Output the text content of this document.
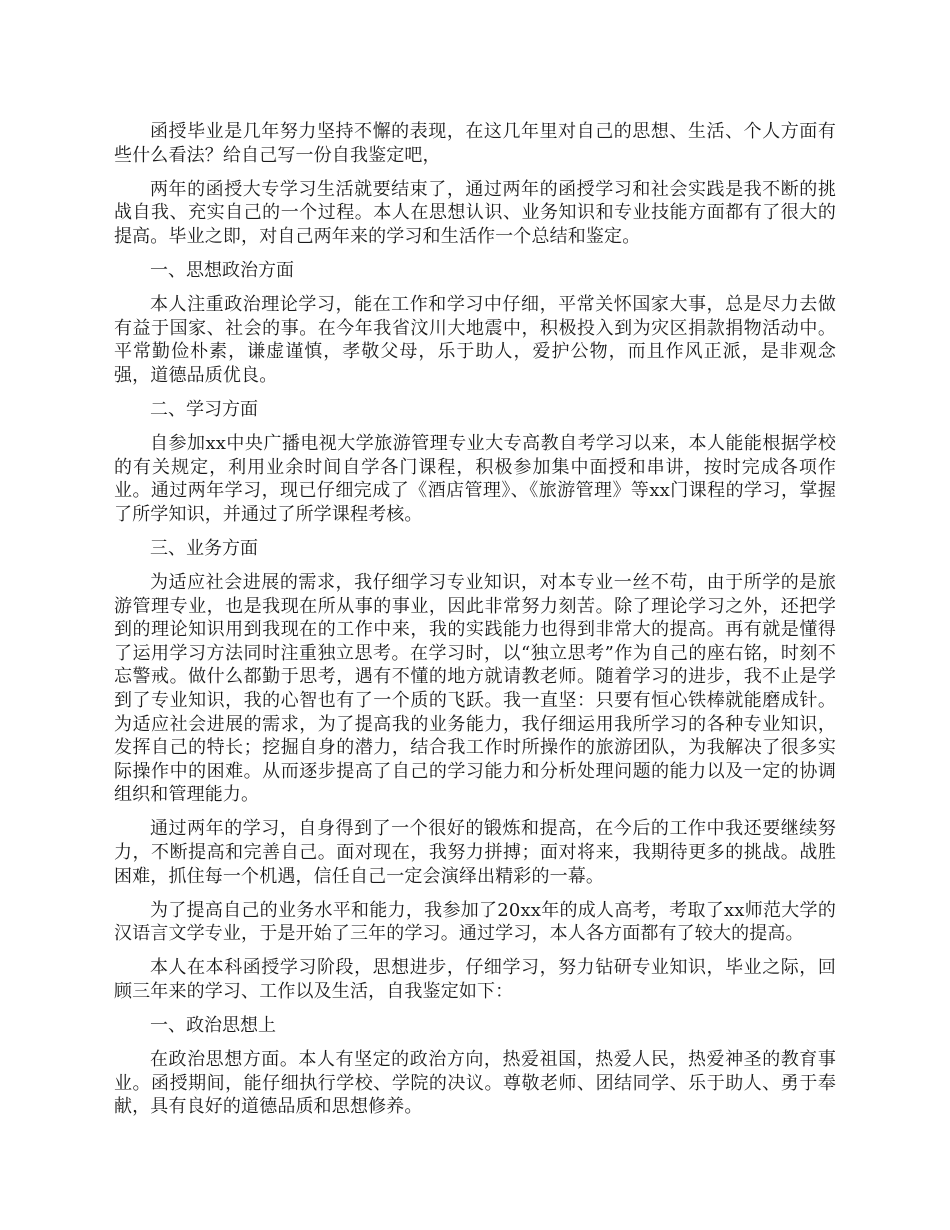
函授毕业是几年努力坚持不懈的表现，在这几年里对自己的思想、生活、个人方面有些什么看法？给自己写一份自我鉴定吧，

两年的函授大专学习生活就要结束了，通过两年的函授学习和社会实践是我不断的挑战自我、充实自己的一个过程。本人在思想认识、业务知识和专业技能方面都有了很大的提高。毕业之即，对自己两年来的学习和生活作一个总结和鉴定。

一、思想政治方面

本人注重政治理论学习，能在工作和学习中仔细，平常关怀国家大事，总是尽力去做有益于国家、社会的事。在今年我省汶川大地震中，积极投入到为灾区捐款捐物活动中。平常勤俭朴素，谦虚谨慎，孝敬父母，乐于助人，爱护公物，而且作风正派，是非观念强，道德品质优良。

二、学习方面

自参加xx中央广播电视大学旅游管理专业大专高教自考学习以来，本人能能根据学校的有关规定，利用业余时间自学各门课程，积极参加集中面授和串讲，按时完成各项作业。通过两年学习，现已仔细完成了《酒店管理》、《旅游管理》等xx门课程的学习，掌握了所学知识，并通过了所学课程考核。

三、业务方面

为适应社会进展的需求，我仔细学习专业知识，对本专业一丝不苟，由于所学的是旅游管理专业，也是我现在所从事的事业，因此非常努力刻苦。除了理论学习之外，还把学到的理论知识用到我现在的工作中来，我的实践能力也得到非常大的提高。再有就是懂得了运用学习方法同时注重独立思考。在学习时，以“独立思考”作为自己的座右铭，时刻不忘警戒。做什么都勤于思考，遇有不懂的地方就请教老师。随着学习的进步，我不止是学到了专业知识，我的心智也有了一个质的飞跃。我一直坚：只要有恒心铁棒就能磨成针。为适应社会进展的需求，为了提高我的业务能力，我仔细运用我所学习的各种专业知识，发挥自己的特长；挖掘自身的潜力，结合我工作时所操作的旅游团队，为我解决了很多实际操作中的困难。从而逐步提高了自己的学习能力和分析处理问题的能力以及一定的协调组织和管理能力。

通过两年的学习，自身得到了一个很好的锻炼和提高，在今后的工作中我还要继续努力，不断提高和完善自己。面对现在，我努力拼搏；面对将来，我期待更多的挑战。战胜困难，抓住每一个机遇，信任自己一定会演绎出精彩的一幕。

为了提高自己的业务水平和能力，我参加了20xx年的成人高考，考取了xx师范大学的汉语言文学专业，于是开始了三年的学习。通过学习，本人各方面都有了较大的提高。

本人在本科函授学习阶段，思想进步，仔细学习，努力钻研专业知识，毕业之际，回顾三年来的学习、工作以及生活，自我鉴定如下：

一、政治思想上

在政治思想方面。本人有坚定的政治方向，热爱祖国，热爱人民，热爱神圣的教育事业。函授期间，能仔细执行学校、学院的决议。尊敬老师、团结同学、乐于助人、勇于奉献，具有良好的道德品质和思想修养。
